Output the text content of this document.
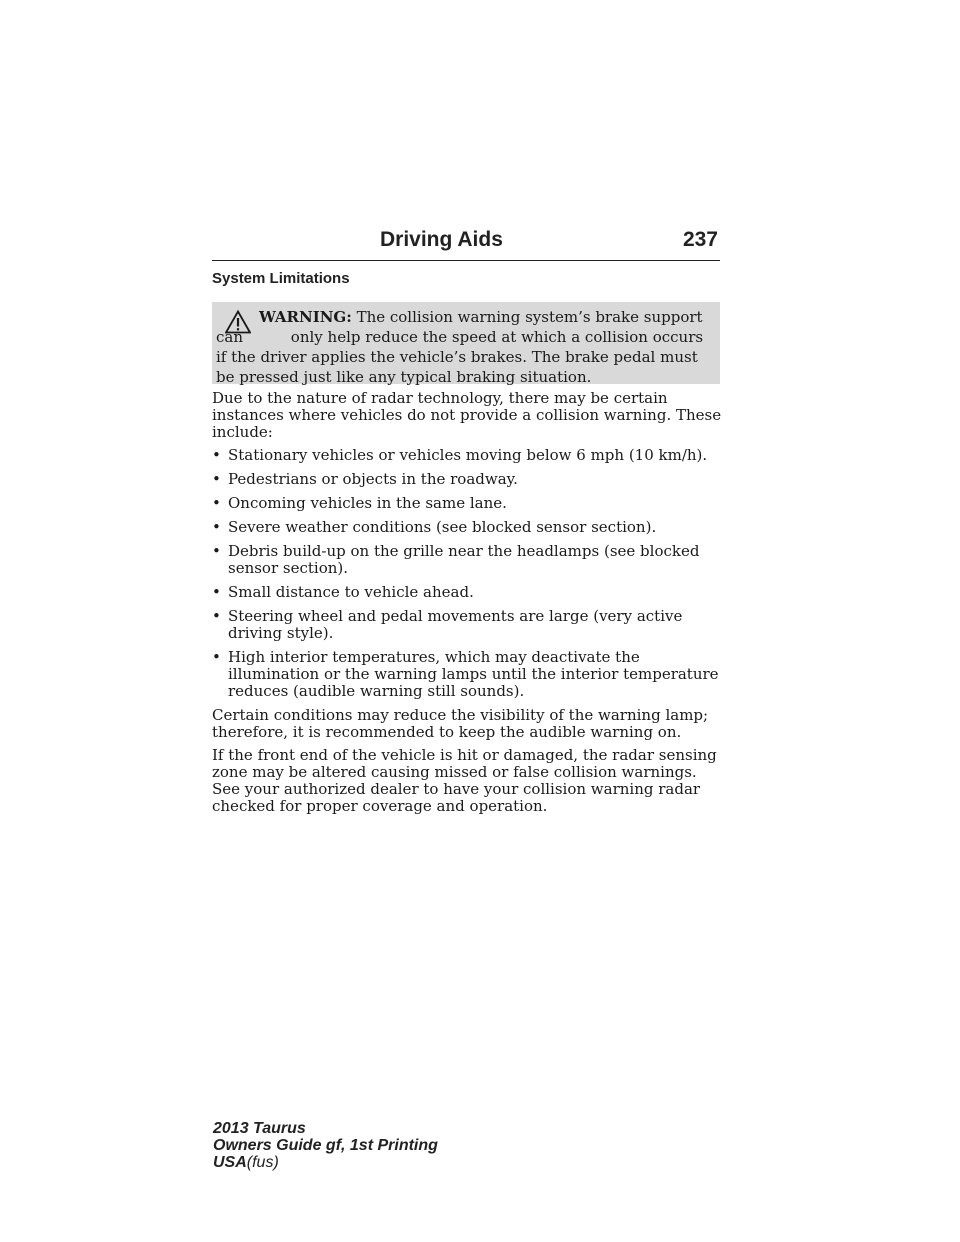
Driving Aids	237
System Limitations
WARNING: The collision warning system’s brake support can	only help reduce the speed at which a collision occurs if the driver applies the vehicle’s brakes. The brake pedal must be pressed just like any typical braking situation.

Due to the nature of radar technology, there may be certain instances where vehicles do not provide a collision warning. These include:

• Stationary vehicles or vehicles moving below 6 mph (10 km/h).
• Pedestrians or objects in the roadway.
• Oncoming vehicles in the same lane.
• Severe weather conditions (see blocked sensor section).
• Debris build-up on the grille near the headlamps (see blocked sensor section).
• Small distance to vehicle ahead.
• Steering wheel and pedal movements are large (very active driving style).
• High interior temperatures, which may deactivate the illumination or the warning lamps until the interior temperature reduces (audible warning still sounds).

Certain conditions may reduce the visibility of the warning lamp; therefore, it is recommended to keep the audible warning on.

If the front end of the vehicle is hit or damaged, the radar sensing zone may be altered causing missed or false collision warnings. See your authorized dealer to have your collision warning radar checked for proper coverage and operation.

2013 Taurus
Owners Guide gf, 1st Printing
USA(fus)
